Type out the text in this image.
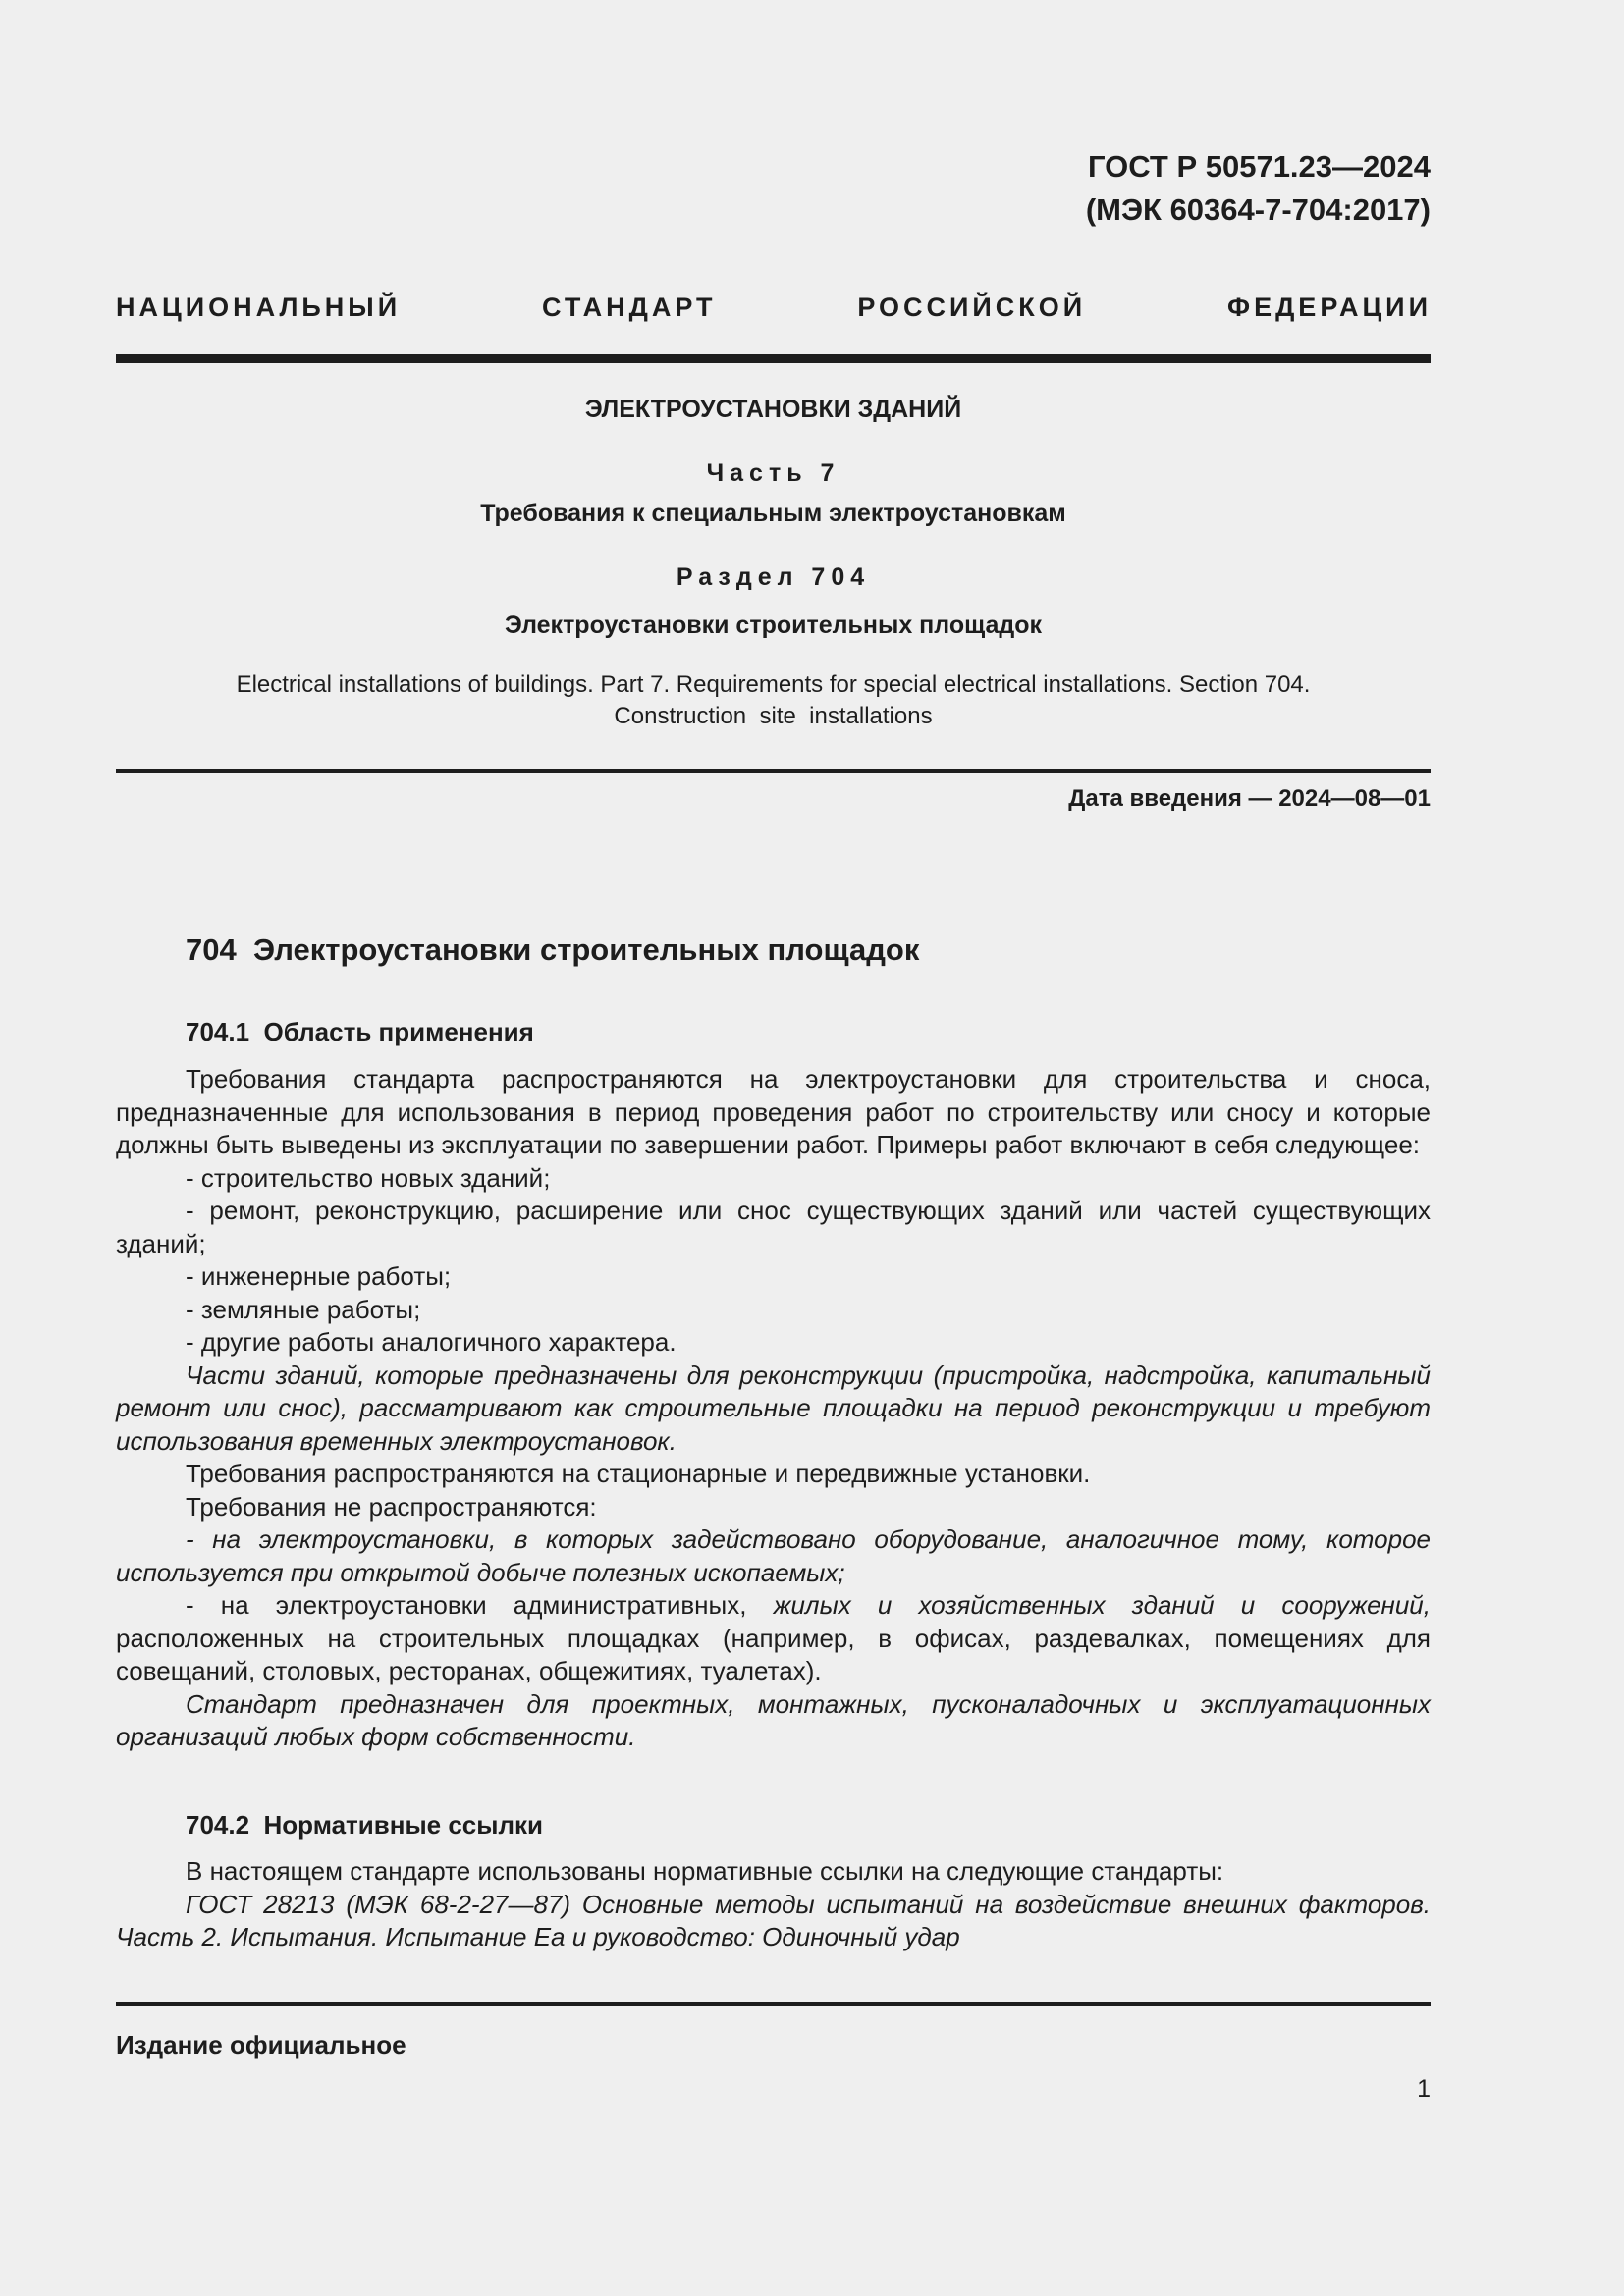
ГОСТ Р 50571.23—2024
(МЭК 60364-7-704:2017)
НАЦИОНАЛЬНЫЙ СТАНДАРТ РОССИЙСКОЙ ФЕДЕРАЦИИ
ЭЛЕКТРОУСТАНОВКИ ЗДАНИЙ
Часть 7
Требования к специальным электроустановкам
Раздел 704
Электроустановки строительных площадок
Electrical installations of buildings. Part 7. Requirements for special electrical installations. Section 704.
Construction  site  installations
Дата введения — 2024—08—01
704  Электроустановки строительных площадок
704.1  Область применения

Требования стандарта распространяются на электроустановки для строительства и сноса, предназначенные для использования в период проведения работ по строительству или сносу и которые должны быть выведены из эксплуатации по завершении работ. Примеры работ включают в себя следующее:

- строительство новых зданий;

- ремонт, реконструкцию, расширение или снос существующих зданий или частей существующих зданий;

- инженерные работы;

- земляные работы;

- другие работы аналогичного характера.

Части зданий, которые предназначены для реконструкции (пристройка, надстройка, капитальный ремонт или снос), рассматривают как строительные площадки на период реконструкции и требуют использования временных электроустановок.

Требования распространяются на стационарные и передвижные установки.

Требования не распространяются:

- на электроустановки, в которых задействовано оборудование, аналогичное тому, которое используется при открытой добыче полезных ископаемых;

- на электроустановки административных, жилых и хозяйственных зданий и сооружений, расположенных на строительных площадках (например, в офисах, раздевалках, помещениях для совещаний, столовых, ресторанах, общежитиях, туалетах).

Стандарт предназначен для проектных, монтажных, пусконаладочных и эксплуатационных организаций любых форм собственности.

704.2  Нормативные ссылки

В настоящем стандарте использованы нормативные ссылки на следующие стандарты:

ГОСТ 28213 (МЭК 68-2-27—87) Основные методы испытаний на воздействие внешних факторов. Часть 2. Испытания. Испытание Еа и руководство: Одиночный удар

Издание официальное
1
